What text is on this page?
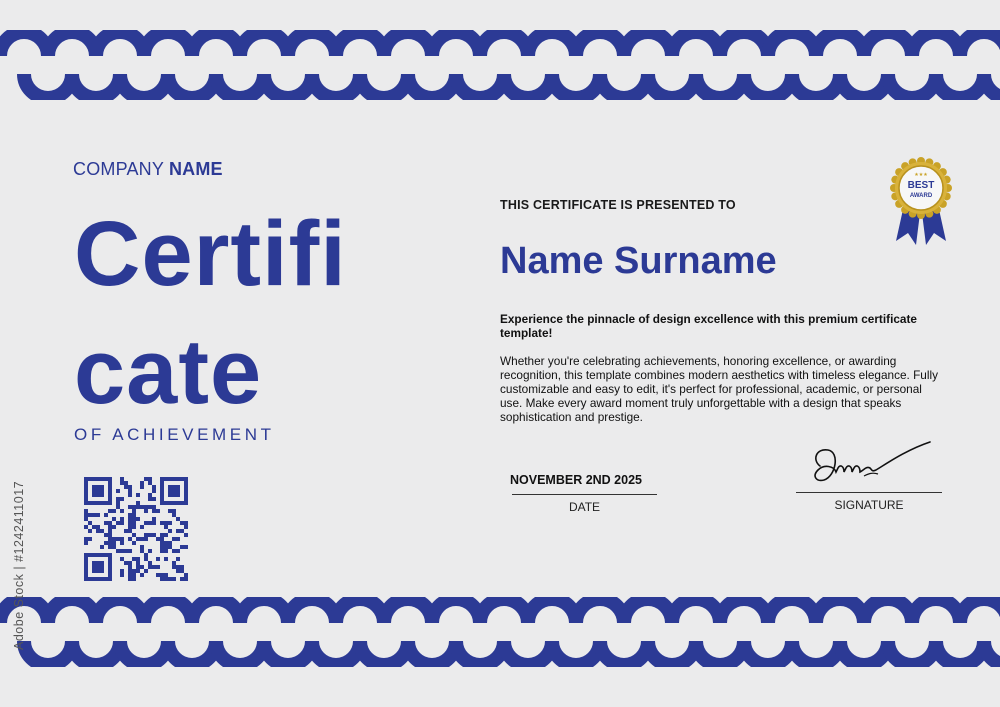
COMPANY NAME
Certifi
cate
OF ACHIEVEMENT
THIS CERTIFICATE IS PRESENTED TO
Name Surname
Experience the pinnacle of design excellence with this premium certificate template!
Whether you're celebrating achievements, honoring excellence, or awarding recognition, this template combines modern aesthetics with timeless elegance. Fully customizable and easy to edit, it's perfect for professional, academic, or personal use. Make every award moment truly unforgettable with a design that speaks sophistication and prestige.
NOVEMBER 2ND 2025
DATE	SIGNATURE
BEST
AWARD
★★★
Adobe Stock | #1242411017
